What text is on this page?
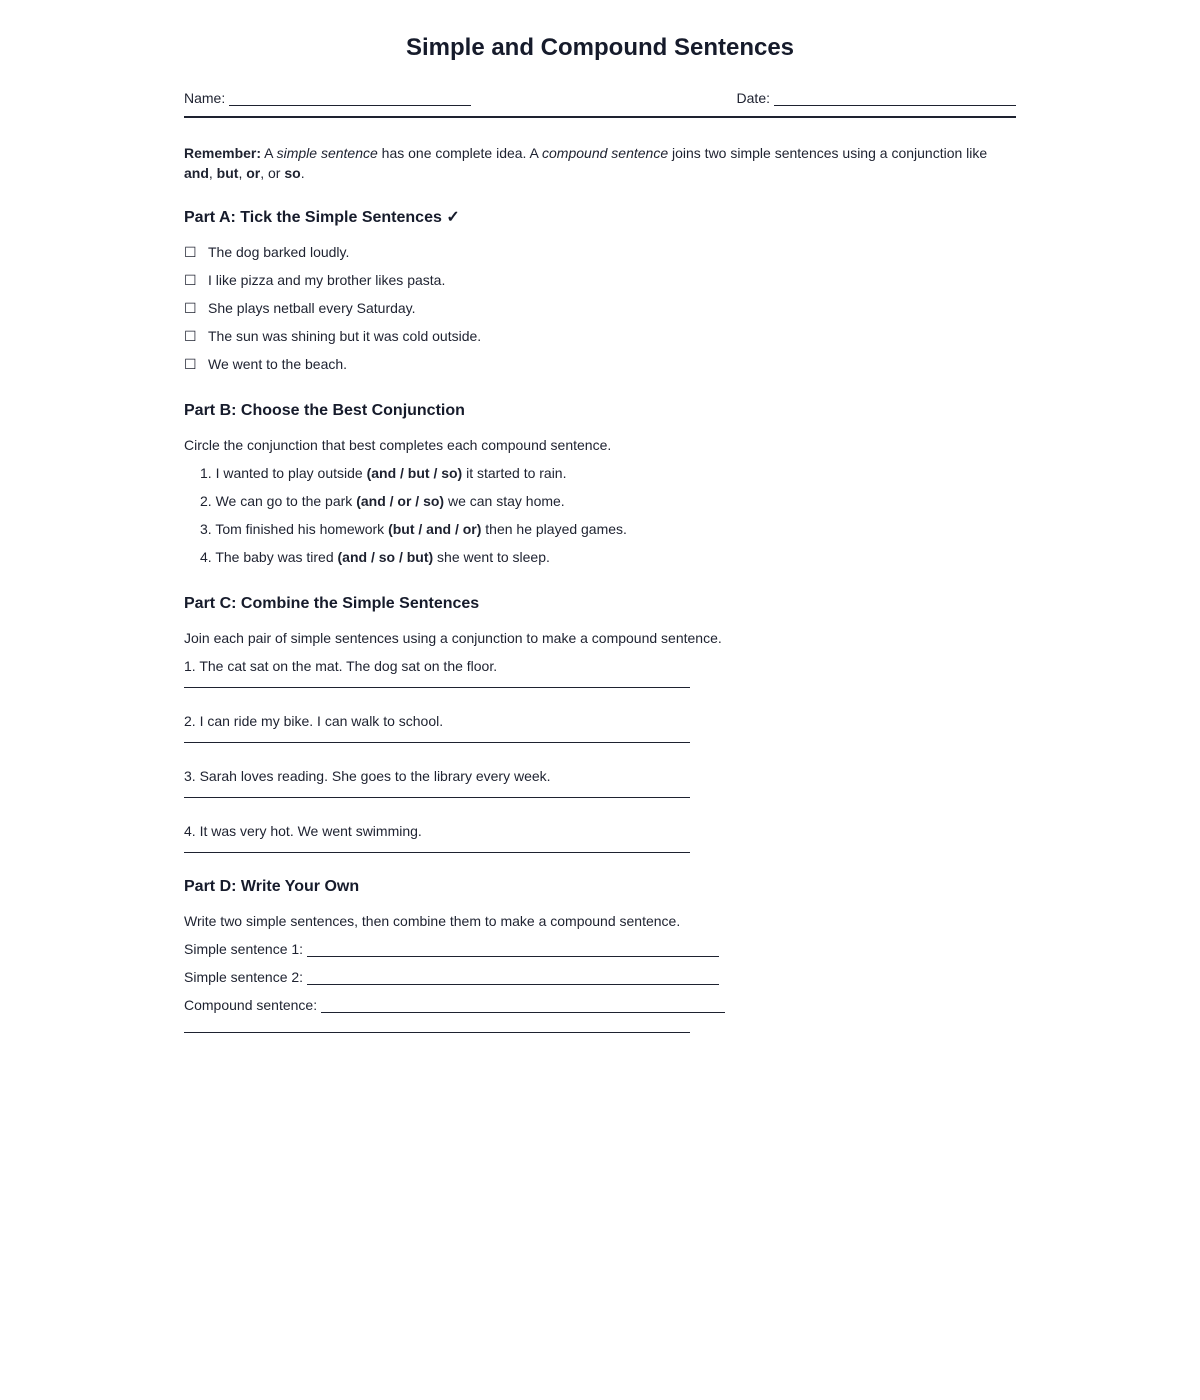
Simple and Compound Sentences
Name:	Date:

Remember: A simple sentence has one complete idea. A compound sentence joins two simple sentences using a conjunction like and, but, or, or so.

Part A: Tick the Simple Sentences ✓
☐ The dog barked loudly.
☐ I like pizza and my brother likes pasta.
☐ She plays netball every Saturday.
☐ The sun was shining but it was cold outside.
☐ We went to the beach.
Part B: Choose the Best Conjunction
Circle the conjunction that best completes each compound sentence.
1. I wanted to play outside (and / but / so) it started to rain.
2. We can go to the park (and / or / so) we can stay home.
3. Tom finished his homework (but / and / or) then he played games.
4. The baby was tired (and / so / but) she went to sleep.
Part C: Combine the Simple Sentences
Join each pair of simple sentences using a conjunction to make a compound sentence.
1. The cat sat on the mat. The dog sat on the floor.
2. I can ride my bike. I can walk to school.
3. Sarah loves reading. She goes to the library every week.
4. It was very hot. We went swimming.
Part D: Write Your Own
Write two simple sentences, then combine them to make a compound sentence.
Simple sentence 1:
Simple sentence 2:
Compound sentence:
